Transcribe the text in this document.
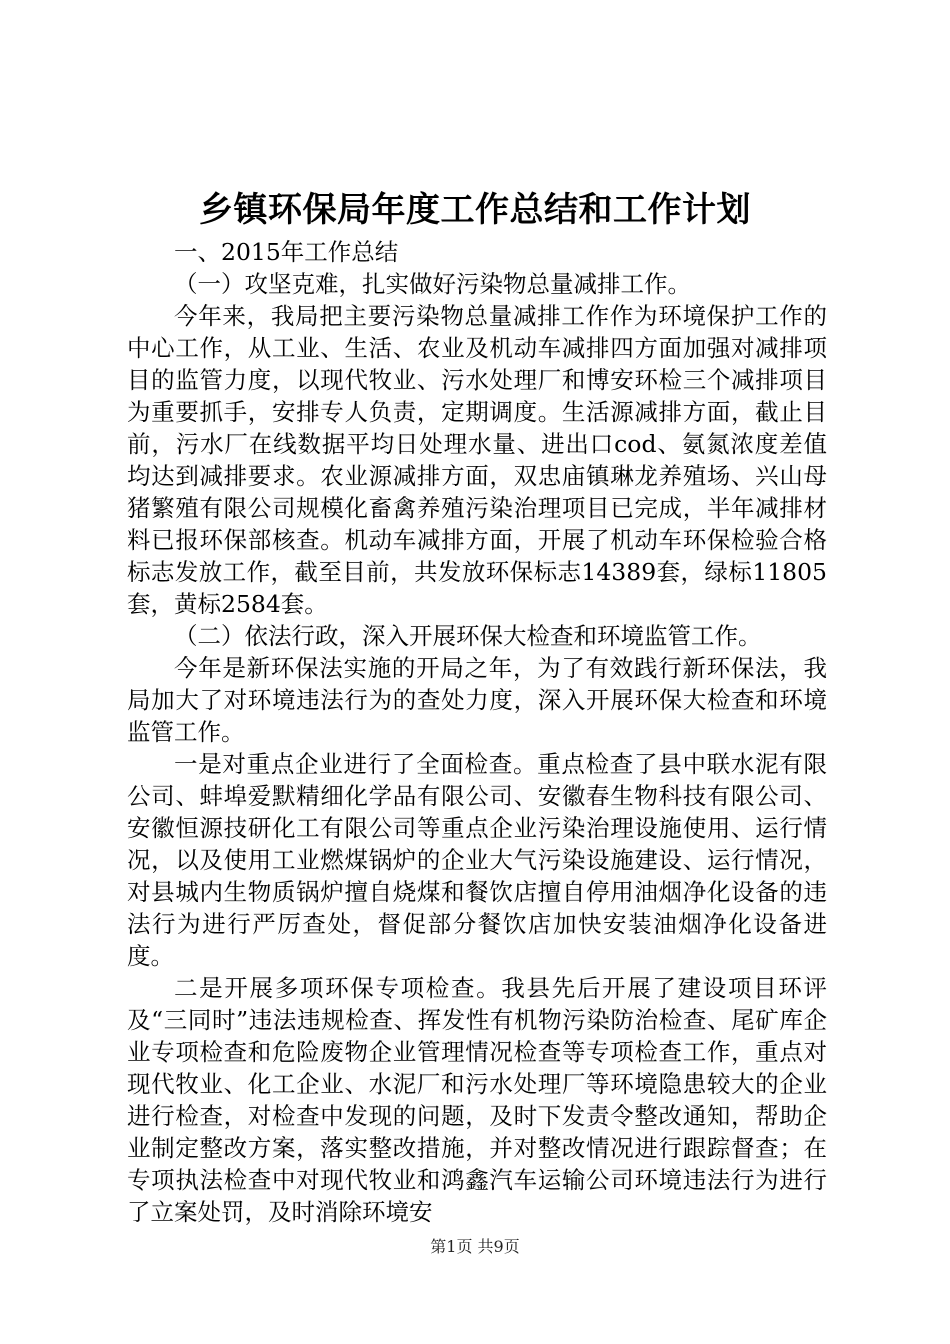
乡镇环保局年度工作总结和工作计划

一、2015年工作总结

（一）攻坚克难，扎实做好污染物总量减排工作。

今年来，我局把主要污染物总量减排工作作为环境保护工作的中心工作，从工业、生活、农业及机动车减排四方面加强对减排项目的监管力度，以现代牧业、污水处理厂和博安环检三个减排项目为重要抓手，安排专人负责，定期调度。生活源减排方面，截止目前，污水厂在线数据平均日处理水量、进出口cod、氨氮浓度差值均达到减排要求。农业源减排方面，双忠庙镇琳龙养殖场、兴山母猪繁殖有限公司规模化畜禽养殖污染治理项目已完成，半年减排材料已报环保部核查。机动车减排方面，开展了机动车环保检验合格标志发放工作，截至目前，共发放环保标志14389套，绿标11805套，黄标2584套。

（二）依法行政，深入开展环保大检查和环境监管工作。

今年是新环保法实施的开局之年，为了有效践行新环保法，我局加大了对环境违法行为的查处力度，深入开展环保大检查和环境监管工作。

一是对重点企业进行了全面检查。重点检查了县中联水泥有限公司、蚌埠爱默精细化学品有限公司、安徽春生物科技有限公司、安徽恒源技研化工有限公司等重点企业污染治理设施使用、运行情况，以及使用工业燃煤锅炉的企业大气污染设施建设、运行情况，对县城内生物质锅炉擅自烧煤和餐饮店擅自停用油烟净化设备的违法行为进行严厉查处，督促部分餐饮店加快安装油烟净化设备进度。

二是开展多项环保专项检查。我县先后开展了建设项目环评及“三同时”违法违规检查、挥发性有机物污染防治检查、尾矿库企业专项检查和危险废物企业管理情况检查等专项检查工作，重点对现代牧业、化工企业、水泥厂和污水处理厂等环境隐患较大的企业进行检查，对检查中发现的问题，及时下发责令整改通知，帮助企业制定整改方案，落实整改措施，并对整改情况进行跟踪督查；在专项执法检查中对现代牧业和鸿鑫汽车运输公司环境违法行为进行了立案处罚，及时消除环境安

第1页 共9页
